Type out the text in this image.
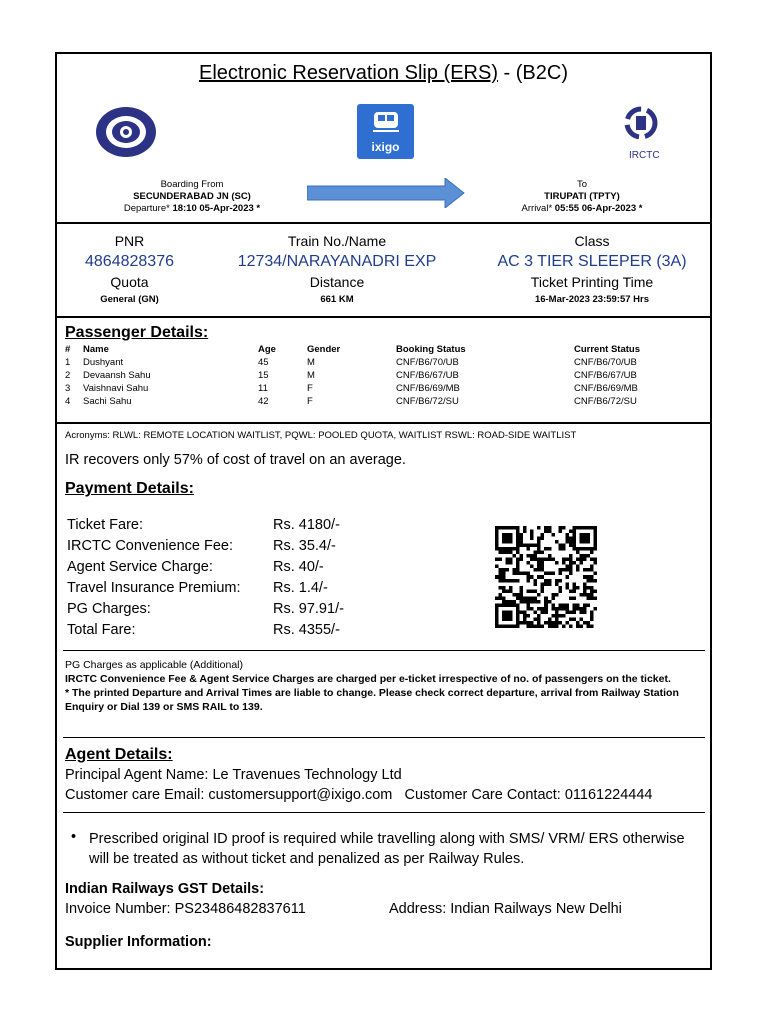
Electronic Reservation Slip (ERS) - (B2C)
ixigo
IRCTC
Boarding From
SECUNDERABAD JN (SC)
Departure* 18:10 05-Apr-2023 *
To
TIRUPATI (TPTY)
Arrival* 05:55 06-Apr-2023 *
PNR
4864828376
Train No./Name
12734/NARAYANADRI EXP
Class
AC 3 TIER SLEEPER (3A)
Quota
General (GN)
Distance
661 KM
Ticket Printing Time
16-Mar-2023 23:59:57 Hrs
Passenger Details:
#	Name	Age	Gender	Booking Status	Current Status
1	Dushyant	45	M	CNF/B6/70/UB	CNF/B6/70/UB
2	Devaansh Sahu	15	M	CNF/B6/67/UB	CNF/B6/67/UB
3	Vaishnavi Sahu	11	F	CNF/B6/69/MB	CNF/B6/69/MB
4	Sachi Sahu	42	F	CNF/B6/72/SU	CNF/B6/72/SU
Acronyms: RLWL: REMOTE LOCATION WAITLIST, PQWL: POOLED QUOTA, WAITLIST RSWL: ROAD-SIDE WAITLIST
IR recovers only 57% of cost of travel on an average.
Payment Details:
Ticket Fare:	Rs. 4180/-
IRCTC Convenience Fee:	Rs. 35.4/-
Agent Service Charge:	Rs. 40/-
Travel Insurance Premium: Rs. 1.4/-
PG Charges:	Rs. 97.91/-
Total Fare:	Rs. 4355/-
PG Charges as applicable (Additional)
IRCTC Convenience Fee & Agent Service Charges are charged per e-ticket irrespective of no. of passengers on the ticket.
* The printed Departure and Arrival Times are liable to change. Please check correct departure, arrival from Railway Station Enquiry or Dial 139 or SMS RAIL to 139.
Agent Details:
Principal Agent Name: Le Travenues Technology Ltd
Customer care Email: customersupport@ixigo.com Customer Care Contact: 01161224444
• Prescribed original ID proof is required while travelling along with SMS/ VRM/ ERS otherwise will be treated as without ticket and penalized as per Railway Rules.
Indian Railways GST Details:
Invoice Number: PS23486482837611	Address: Indian Railways New Delhi
Supplier Information:
